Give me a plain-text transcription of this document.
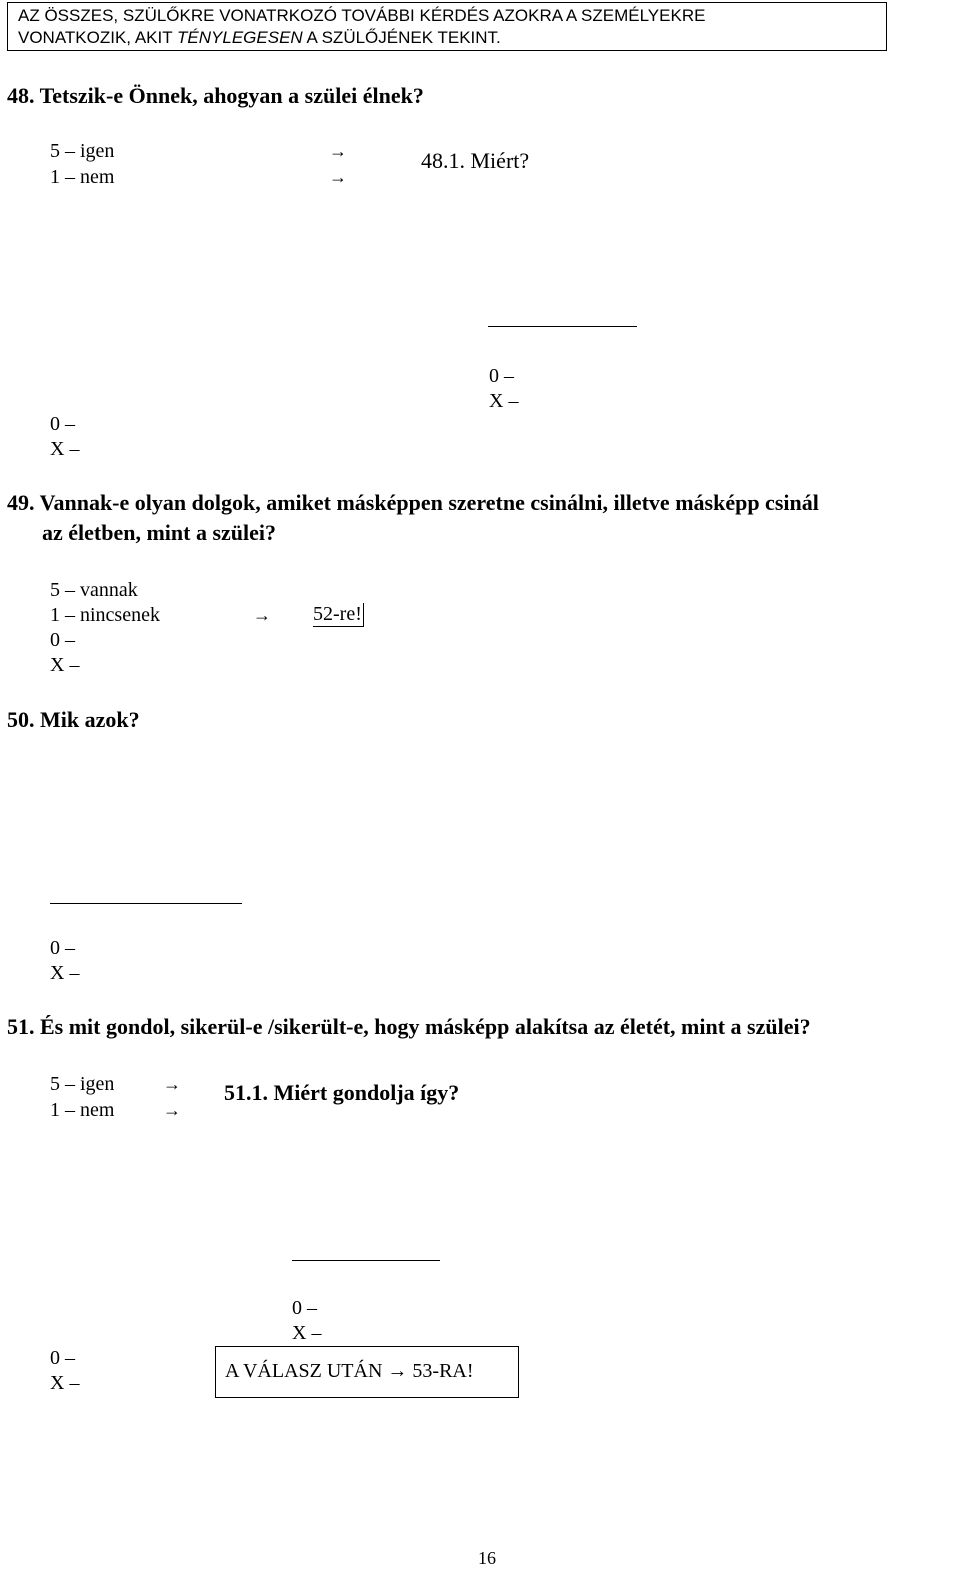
AZ ÖSSZES, SZÜLŐKRE VONATRKOZÓ TOVÁBBI KÉRDÉS AZOKRA A SZEMÉLYEKRE
VONATKOZIK, AKIT TÉNYLEGESEN A SZÜLŐJÉNEK TEKINT.
48. Tetszik-e Önnek, ahogyan a szülei élnek?
5 – igen
1 – nem
→
→
48.1. Miért?
0 –
X –
0 –
X –
49. Vannak-e olyan dolgok, amiket másképpen szeretne csinálni, illetve másképp csinál
az életben, mint a szülei?
5 – vannak
1 – nincsenek	→ 52-re!
0 –
X –
50. Mik azok?
0 –
X –
51. És mit gondol, sikerül-e /sikerült-e, hogy másképp alakítsa az életét, mint a szülei?
5 – igen
1 – nem
→
→
51.1. Miért gondolja így?
0 –
X –
0 –
X –
A VÁLASZ UTÁN → 53-RA!
16
